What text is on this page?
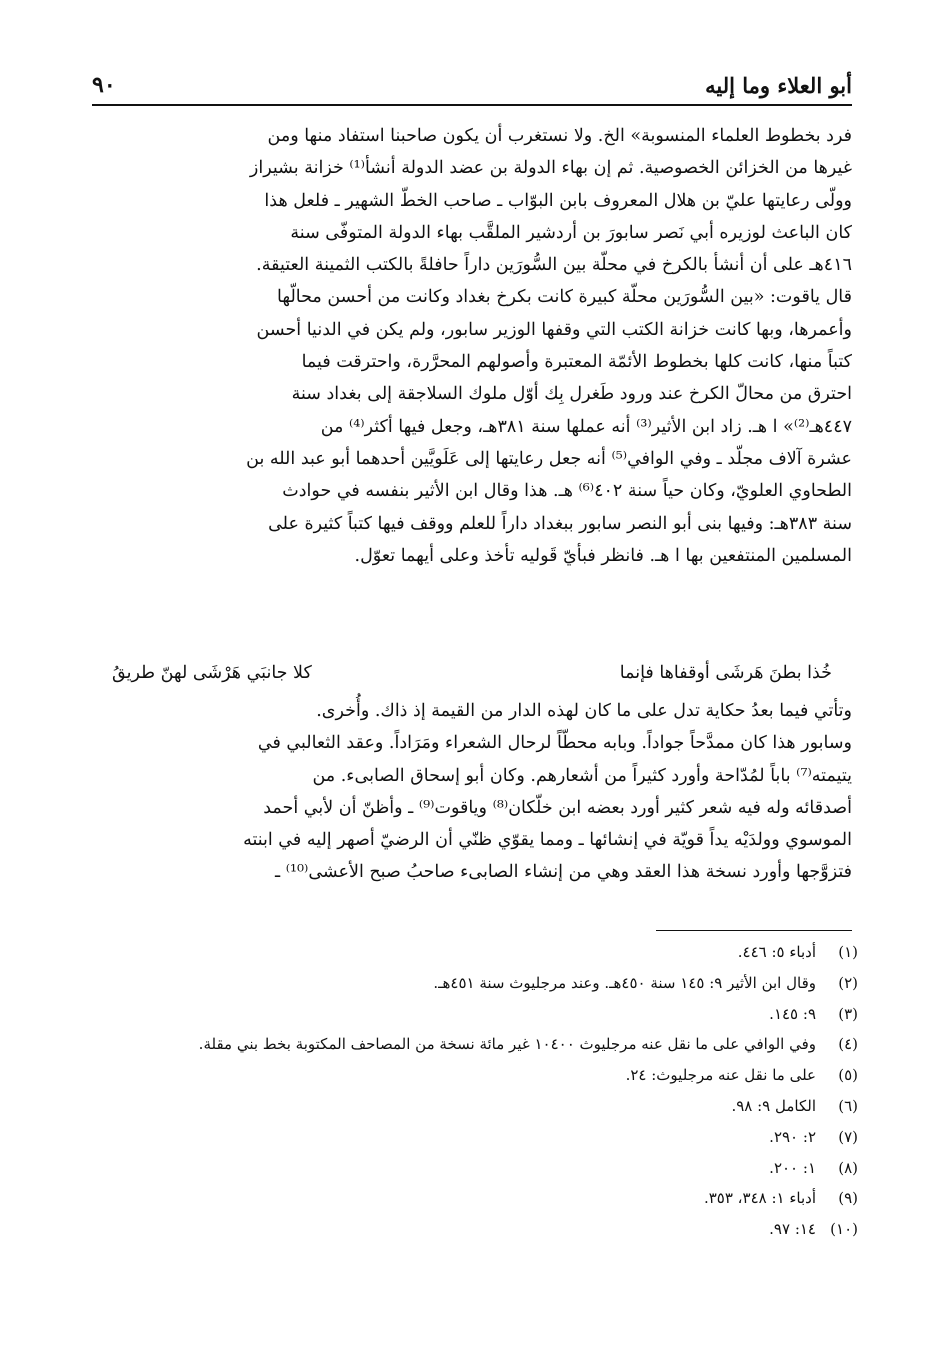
٩٠	أبو العلاء وما إليه
فرد بخطوط العلماء المنسوبة» الخ. ولا نستغرب أن يكون صاحبنا استفاد منها ومن
غيرها من الخزائن الخصوصية. ثم إن بهاء الدولة بن عضد الدولة أنشأ⁽¹⁾ خزانة بشيراز
وولّى رعايتها عليّ بن هلال المعروف بابن البوّاب ـ صاحب الخطّ الشهير ـ فلعل هذا
كان الباعث لوزيره أبي نَصر سابورَ بن أردشير الملقَّب بهاء الدولة المتوفّى سنة
٤١٦هـ على أن أنشأ بالكرخ في محلّة بين السُّورَين داراً حافلةً بالكتب الثمينة العتيقة.
قال ياقوت: «بين السُّورَين محلّة كبيرة كانت بكرخ بغداد وكانت من أحسن محالّها
وأعمرها، وبها كانت خزانة الكتب التي وقفها الوزير سابور، ولم يكن في الدنيا أحسن
كتباً منها، كانت كلها بخطوط الأئمّة المعتبرة وأصولهم المحرَّرة، واحترقت فيما
احترق من محالّ الكرخ عند ورود طَغرل بِك أوّل ملوك السلاجقة إلى بغداد سنة
٤٤٧هـ⁽²⁾» ا هـ. زاد ابن الأثير⁽³⁾ أنه عملها سنة ٣٨١هـ، وجعل فيها أكثر⁽⁴⁾ من
عشرة آلاف مجلّد ـ وفي الوافي⁽⁵⁾ أنه جعل رعايتها إلى عَلَويَّين أحدهما أبو عبد الله بن
الطحاوي العلويّ، وكان حياً سنة ٤٠٢⁽⁶⁾ هـ. هذا وقال ابن الأثير بنفسه في حوادث
سنة ٣٨٣هـ: وفيها بنى أبو النصر سابور ببغداد داراً للعلم ووقف فيها كتباً كثيرة على
المسلمين المنتفعين بها ا هـ. فانظر فبأيّ قَوليه تأخذ وعلى أيهما تعوّل.
خُذا بطنَ هَرشَى أوقفاها فإنما
كلا جانبَي هَرْشَى لهنّ طريقُ
وتأتي فيما بعدُ حكاية تدل على ما كان لهذه الدار من القيمة إذ ذاك. وأُخرى.
وسابور هذا كان ممدَّحاً جواداً. وبابه محطّاً لرحال الشعراء ومَرَاداً. وعقد الثعالبي في
يتيمته⁽⁷⁾ باباً لمُدّاحة وأورد كثيراً من أشعارهم. وكان أبو إسحاق الصابىء. من
أصدقائه وله فيه شعر كثير أورد بعضه ابن خلّكان⁽⁸⁾ وياقوت⁽⁹⁾ ـ وأظنّ أن لأبي أحمد
الموسوي وولدَيْه يداً قويّة في إنشائها ـ ومما يقوّي ظنّي أن الرضيّ أصهر إليه في ابنته
فتزوَّجها وأورد نسخة هذا العقد وهي من إنشاء الصابىء صاحبُ صبح الأعشى⁽¹⁰⁾ ـ
(١)
أدباء ٥: ٤٤٦.
(٢)
وقال ابن الأثير ٩: ١٤٥ سنة ٤٥٠هـ. وعند مرجليوث سنة ٤٥١هـ.
(٣)
٩: ١٤٥.
(٤)
وفي الوافي على ما نقل عنه مرجليوث ١٠٤٠٠ غير مائة نسخة من المصاحف المكتوبة بخط بني مقلة.
(٥)
على ما نقل عنه مرجليوث: ٢٤.
(٦)
الكامل ٩: ٩٨.
(٧)
٢: ٢٩٠.
(٨)
١: ٢٠٠.
(٩)
أدباء ١: ٣٤٨، ٣٥٣.
(١٠)
١٤: ٩٧.
